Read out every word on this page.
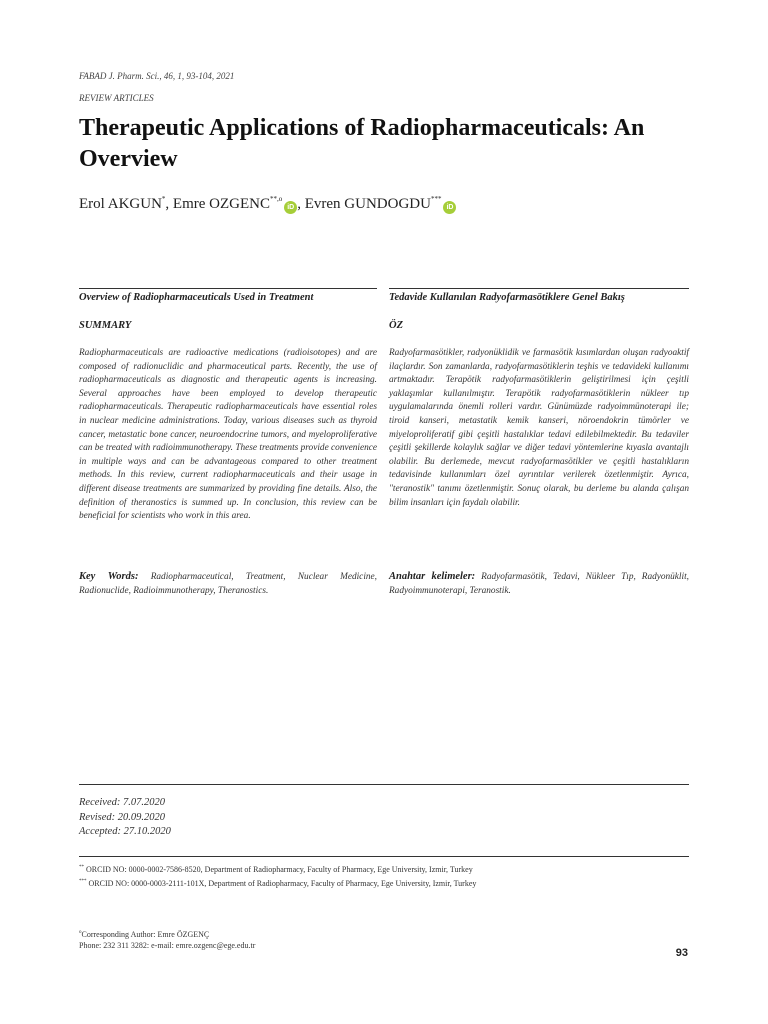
FABAD J. Pharm. Sci., 46, 1, 93-104, 2021
REVIEW ARTICLES
Therapeutic Applications of Radiopharmaceuticals: An Overview
Erol AKGUN*, Emre $OZGENC^{**,o}iD$ , Evren GUNDOGDU***iD
Overview of Radiopharmaceuticals Used in Treatment
SUMMARY
Radiopharmaceuticals are radioactive medications (radioisotopes) and are composed of radionuclidic and pharmaceutical parts. Recently, the use of radiopharmaceuticals as diagnostic and therapeutic agents is increasing. Several approaches have been employed to develop therapeutic radiopharmaceuticals. Therapeutic radiopharmaceuticals have essential roles in nuclear medicine administrations. Today, various diseases such as thyroid cancer, metastatic bone cancer, neuroendocrine tumors, and myeloproliferative can be treated with radioimmunotherapy. These treatments provide convenience in multiple ways and can be advantageous compared to other treatment methods. In this review, current radiopharmaceuticals and their usage in different disease treatments are summarized by providing fine details. Also, the definition of theranostics is summed up. In conclusion, this review can be beneficial for scientists who work in this area.
Key Words: Radiopharmaceutical, Treatment, Nuclear Medicine, Radionuclide, Radioimmunotherapy, Theranostics.
Tedavide Kullanılan Radyofarmasötiklere Genel Bakış
ÖZ
Radyofarmasötikler, radyonüklidik ve farmasötik kısımlardan oluşan radyoaktif ilaçlardır. Son zamanlarda, radyofarmasötiklerin teşhis ve tedavideki kullanımı artmaktadır. Terapötik radyofarmasötiklerin geliştirilmesi için çeşitli yaklaşımlar kullanılmıştır. Terapötik radyofarmasötiklerin nükleer tıp uygulamalarında önemli rolleri vardır. Günümüzde radyoimmünoterapi ile; tiroid kanseri, metastatik kemik kanseri, nöroendokrin tümörler ve miyeloproliferatif gibi çeşitli hastalıklar tedavi edilebilmektedir. Bu tedaviler çeşitli şekillerde kolaylık sağlar ve diğer tedavi yöntemlerine kıyasla avantajlı olabilir. Bu derlemede, mevcut radyofarmasötikler ve çeşitli hastalıkların tedavisinde kullanımları özel ayrıntılar verilerek özetlenmiştir. Ayrıca, "teranostik" tanımı özetlenmiştir. Sonuç olarak, bu derleme bu alanda çalışan bilim insanları için faydalı olabilir.
Anahtar kelimeler: Radyofarmasötik, Tedavi, Nükleer Tıp, Radyonüklit, Radyoimmunoterapi, Teranostik.
Received: 7.07.2020
Revised: 20.09.2020
Accepted: 27.10.2020
** ORCID NO: 0000-0002-7586-8520, Department of Radiopharmacy, Faculty of Pharmacy, Ege University, Izmir, Turkey
*** ORCID NO: 0000-0003-2111-101X, Department of Radiopharmacy, Faculty of Pharmacy, Ege University, Izmir, Turkey
$^o$Corresponding Author: Emre ÖZGENÇ
Phone: 232 311 3282: e-mail: emre.ozgenc@ege.edu.tr
93
